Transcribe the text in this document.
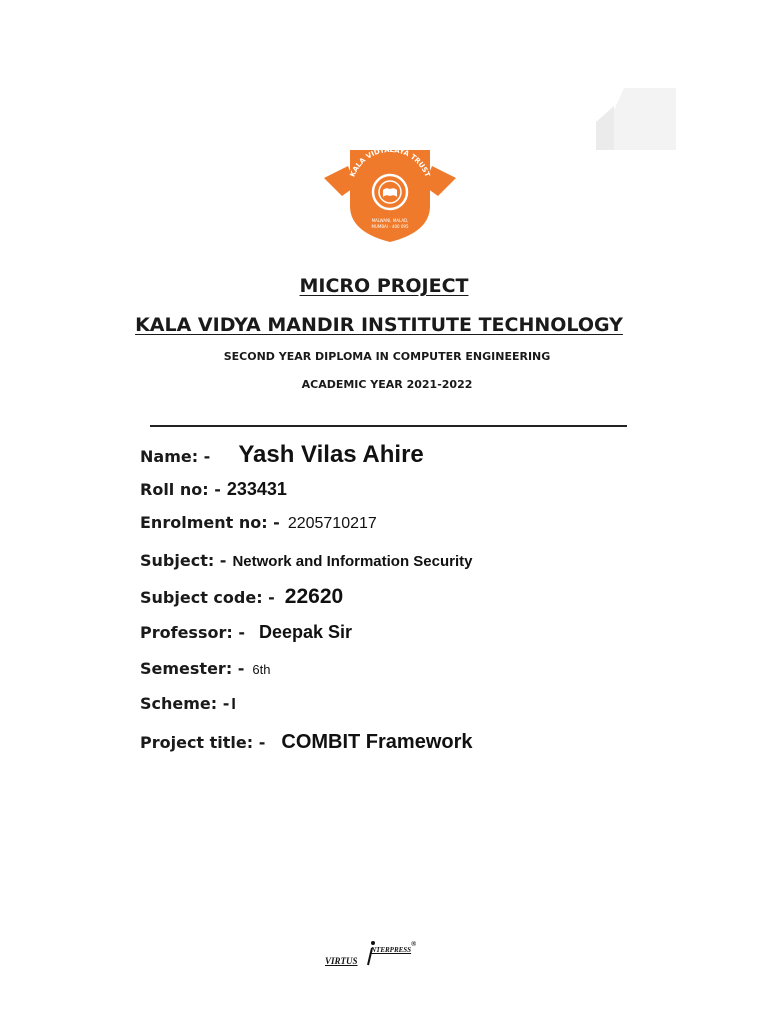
KALA VIDYALAYA TRUST
MALWANI, MALAD,
MUMBAI - 400 095
MICRO PROJECT
KALA VIDYA MANDIR INSTITUTE TECHNOLOGY
SECOND YEAR DIPLOMA IN COMPUTER ENGINEERING
ACADEMIC YEAR 2021-2022
Name: - Yash Vilas Ahire
Roll no: - 233431
Enrolment no: - 2205710217
Subject: - Network and Information Security
Subject code: - 22620
Professor: - Deepak Sir
Semester: - 6th
Scheme: - I
Project title: - COMBIT Framework
VIRTUS
NTERPRESS
®
